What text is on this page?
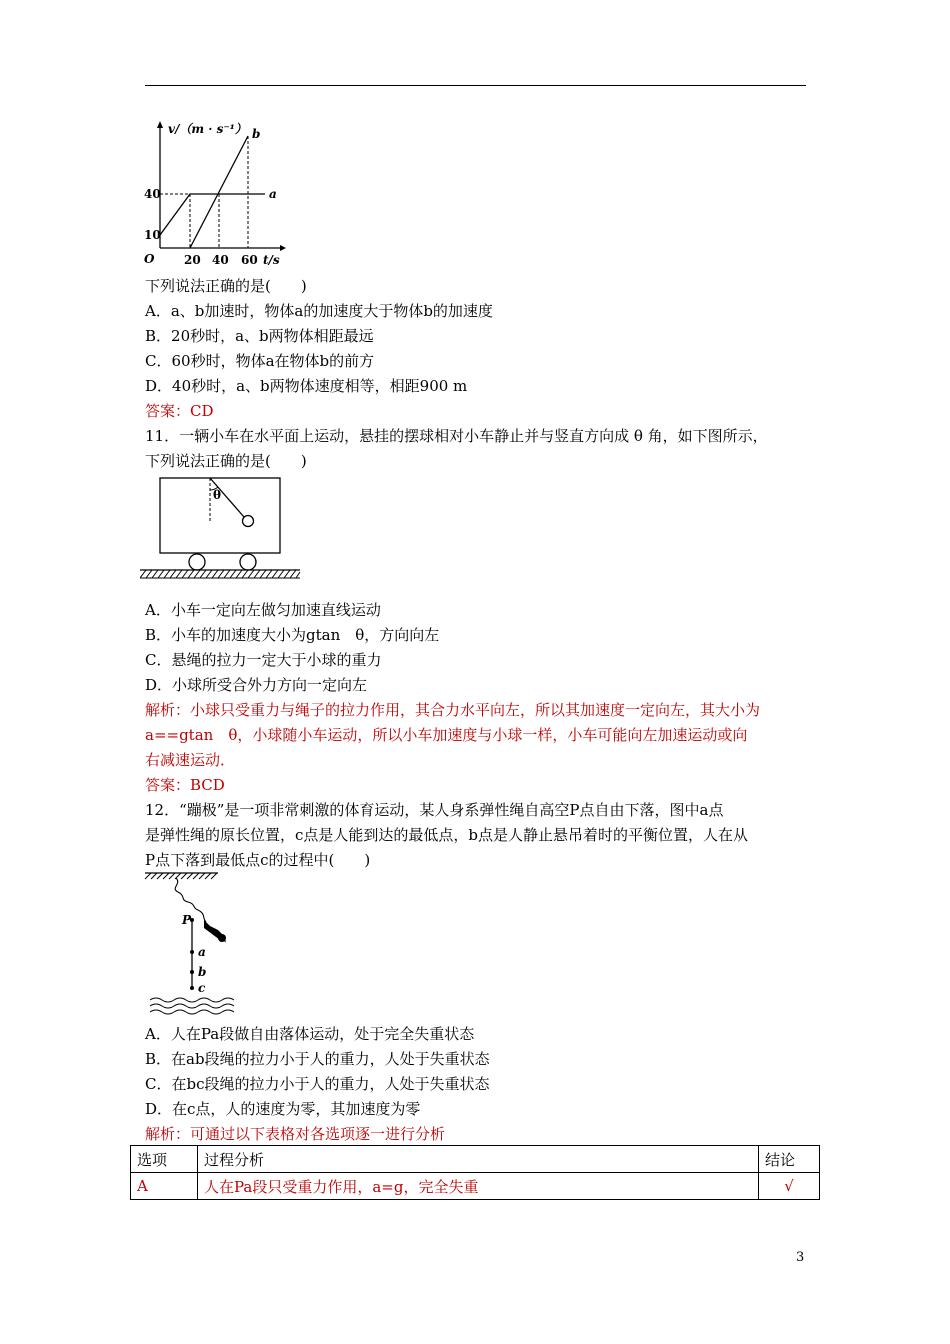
v/（m · s⁻¹） b
a
40
10
O 20 40 60 t/s
下列说法正确的是(　　)
A．a、b加速时，物体a的加速度大于物体b的加速度
B．20秒时，a、b两物体相距最远
C．60秒时，物体a在物体b的前方
D．40秒时，a、b两物体速度相等，相距900 m
答案：CD
11．一辆小车在水平面上运动，悬挂的摆球相对小车静止并与竖直方向成 θ 角，如下图所示，
下列说法正确的是(　　)
θ
A．小车一定向左做匀加速直线运动
B．小车的加速度大小为gtan　θ，方向向左
C．悬绳的拉力一定大于小球的重力
D．小球所受合外力方向一定向左
解析：小球只受重力与绳子的拉力作用，其合力水平向左，所以其加速度一定向左，其大小为
a==gtan　θ，小球随小车运动，所以小车加速度与小球一样，小车可能向左加速运动或向
右减速运动．
答案：BCD
12．“蹦极”是一项非常刺激的体育运动，某人身系弹性绳自高空P点自由下落，图中a点
是弹性绳的原长位置，c点是人能到达的最低点，b点是人静止悬吊着时的平衡位置，人在从
P点下落到最低点c的过程中(　　)
P
a
b
c
A．人在Pa段做自由落体运动，处于完全失重状态
B．在ab段绳的拉力小于人的重力，人处于失重状态
C．在bc段绳的拉力小于人的重力，人处于失重状态
D．在c点，人的速度为零，其加速度为零
解析：可通过以下表格对各选项逐一进行分析
选项	过程分析	结论
A	人在Pa段只受重力作用，a=g，完全失重	√
3
